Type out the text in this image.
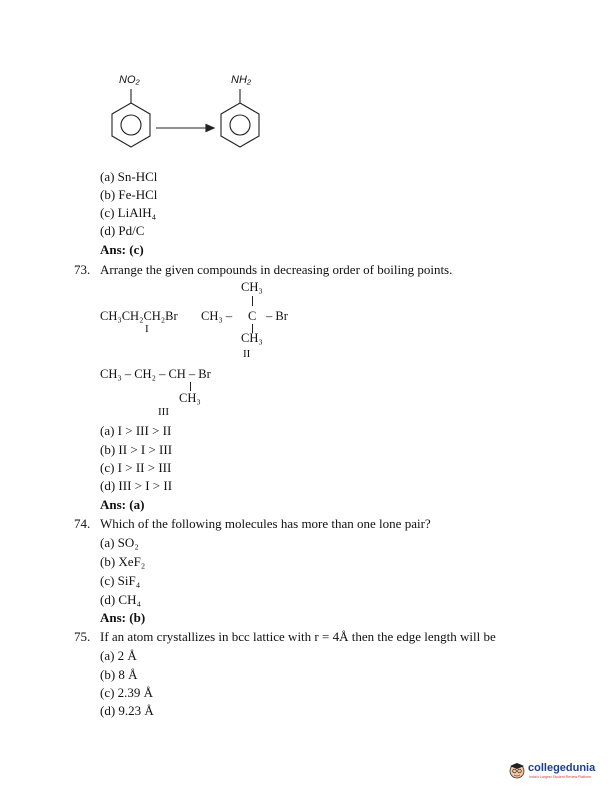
NO₂	NH₂
(a) Sn-HCl
(b) Fe-HCl
(c) LiAlH₄
(d) Pd/C
Ans: (c)
73. Arrange the given compounds in decreasing order of boiling points.
CH₃
CH₃CH₂CH₂Br CH₃ – C – Br
I
CH₃
II
CH₃ – CH₂ – CH – Br
CH₃
III
(a) I > III > II
(b) II > I > III
(c) I > II > III
(d) III > I > II
Ans: (a)
74. Which of the following molecules has more than one lone pair?
(a) SO₂
(b) XeF₂
(c) SiF₄
(d) CH₄
Ans: (b)
75. If an atom crystallizes in bcc lattice with r = 4Å then the edge length will be
(a) 2 Å
(b) 8 Å
(c) 2.39 Å
(d) 9.23 Å
collegedunia
India's Largest Student Review Platform
